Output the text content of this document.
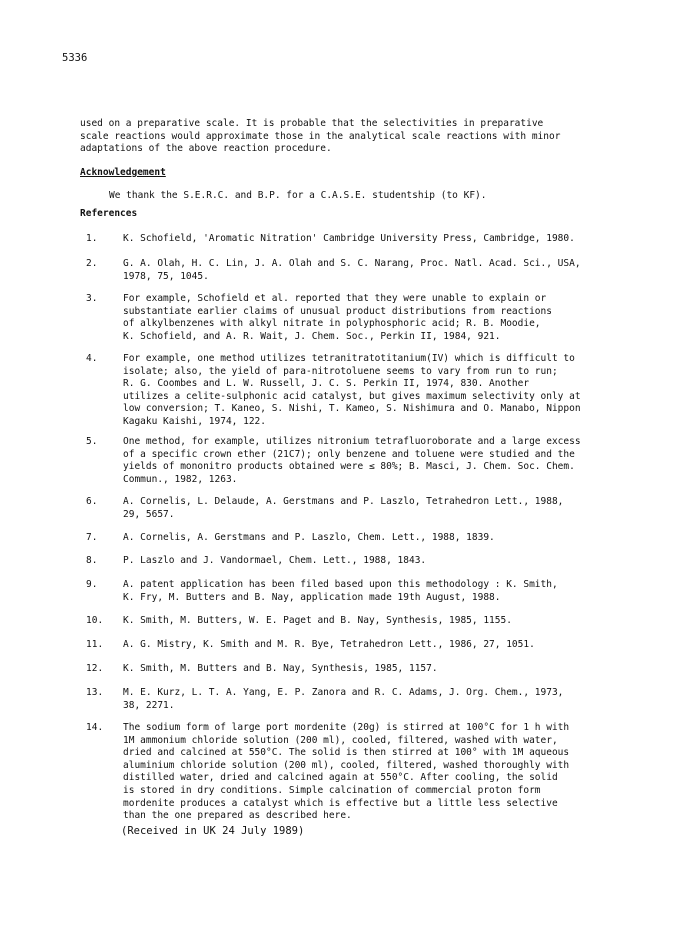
5336

used on a preparative scale. It is probable that the selectivities in preparative

scale reactions would approximate those in the analytical scale reactions with minor

adaptations of the above reaction procedure.

Acknowledgement
We thank the S.E.R.C. and B.P. for a C.A.S.E. studentship (to KF).
References
1.	K. Schofield, 'Aromatic Nitration' Cambridge University Press, Cambridge, 1980.
2.	G. A. Olah, H. C. Lin, J. A. Olah and S. C. Narang, Proc. Natl. Acad. Sci., USA,
1978, 75, 1045.
3.	For example, Schofield et al. reported that they were unable to explain or
substantiate earlier claims of unusual product distributions from reactions
of alkylbenzenes with alkyl nitrate in polyphosphoric acid; R. B. Moodie,
K. Schofield, and A. R. Wait, J. Chem. Soc., Perkin II, 1984, 921.
4.	For example, one method utilizes tetranitratotitanium(IV) which is difficult to
isolate; also, the yield of para-nitrotoluene seems to vary from run to run;
R. G. Coombes and L. W. Russell, J. C. S. Perkin II, 1974, 830. Another
utilizes a celite-sulphonic acid catalyst, but gives maximum selectivity only at
low conversion; T. Kaneo, S. Nishi, T. Kameo, S. Nishimura and O. Manabo, Nippon
Kagaku Kaishi, 1974, 122.
5.	One method, for example, utilizes nitronium tetrafluoroborate and a large excess
of a specific crown ether (21C7); only benzene and toluene were studied and the
yields of mononitro products obtained were ≤ 80%; B. Masci, J. Chem. Soc. Chem.
Commun., 1982, 1263.
6.	A. Cornelis, L. Delaude, A. Gerstmans and P. Laszlo, Tetrahedron Lett., 1988,
29, 5657.
7.	A. Cornelis, A. Gerstmans and P. Laszlo, Chem. Lett., 1988, 1839.
8.	P. Laszlo and J. Vandormael, Chem. Lett., 1988, 1843.
9.	A. patent application has been filed based upon this methodology : K. Smith,
K. Fry, M. Butters and B. Nay, application made 19th August, 1988.
10.	K. Smith, M. Butters, W. E. Paget and B. Nay, Synthesis, 1985, 1155.
11.	A. G. Mistry, K. Smith and M. R. Bye, Tetrahedron Lett., 1986, 27, 1051.
12.	K. Smith, M. Butters and B. Nay, Synthesis, 1985, 1157.
13.	M. E. Kurz, L. T. A. Yang, E. P. Zanora and R. C. Adams, J. Org. Chem., 1973,
38, 2271.
14.	The sodium form of large port mordenite (20g) is stirred at 100°C for 1 h with
1M ammonium chloride solution (200 ml), cooled, filtered, washed with water,
dried and calcined at 550°C. The solid is then stirred at 100° with 1M aqueous
aluminium chloride solution (200 ml), cooled, filtered, washed thoroughly with
distilled water, dried and calcined again at 550°C. After cooling, the solid
is stored in dry conditions. Simple calcination of commercial proton form
mordenite produces a catalyst which is effective but a little less selective
than the one prepared as described here.
(Received in UK 24 July 1989)
